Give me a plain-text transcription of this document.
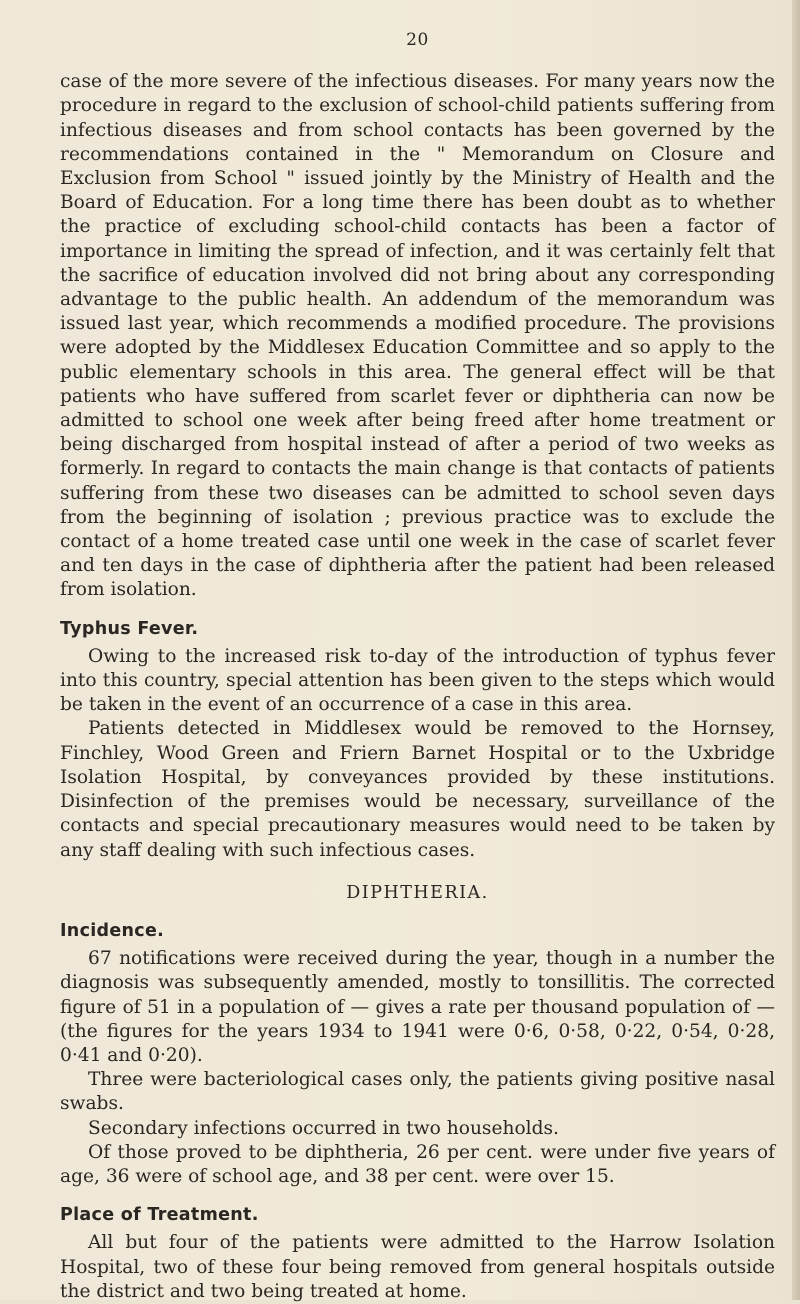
20

case of the more severe of the infectious diseases. For many years now the procedure in regard to the exclusion of school-child patients suffering from infectious diseases and from school contacts has been governed by the recommendations contained in the " Memorandum on Closure and Exclusion from School " issued jointly by the Ministry of Health and the Board of Education. For a long time there has been doubt as to whether the practice of excluding school-child contacts has been a factor of importance in limiting the spread of infection, and it was certainly felt that the sacrifice of education involved did not bring about any corresponding advantage to the public health. An addendum of the memorandum was issued last year, which recommends a modified procedure. The provisions were adopted by the Middlesex Education Committee and so apply to the public elementary schools in this area. The general effect will be that patients who have suffered from scarlet fever or diphtheria can now be admitted to school one week after being freed after home treatment or being discharged from hospital instead of after a period of two weeks as formerly. In regard to contacts the main change is that contacts of patients suffering from these two diseases can be admitted to school seven days from the beginning of isolation ; previous practice was to exclude the contact of a home treated case until one week in the case of scarlet fever and ten days in the case of diphtheria after the patient had been released from isolation.

Typhus Fever.

Owing to the increased risk to-day of the introduction of typhus fever into this country, special attention has been given to the steps which would be taken in the event of an occurrence of a case in this area.

Patients detected in Middlesex would be removed to the Hornsey, Finchley, Wood Green and Friern Barnet Hospital or to the Uxbridge Isolation Hospital, by conveyances provided by these institutions. Disinfection of the premises would be necessary, surveillance of the contacts and special precautionary measures would need to be taken by any staff dealing with such infectious cases.

DIPHTHERIA.
Incidence.

67 notifications were received during the year, though in a number the diagnosis was subsequently amended, mostly to tonsillitis. The corrected figure of 51 in a population of — gives a rate per thousand population of — (the figures for the years 1934 to 1941 were 0·6, 0·58, 0·22, 0·54, 0·28, 0·41 and 0·20).

Three were bacteriological cases only, the patients giving positive nasal swabs.

Secondary infections occurred in two households.

Of those proved to be diphtheria, 26 per cent. were under five years of age, 36 were of school age, and 38 per cent. were over 15.

Place of Treatment.

All but four of the patients were admitted to the Harrow Isolation Hospital, two of these four being removed from general hospitals outside the district and two being treated at home.
